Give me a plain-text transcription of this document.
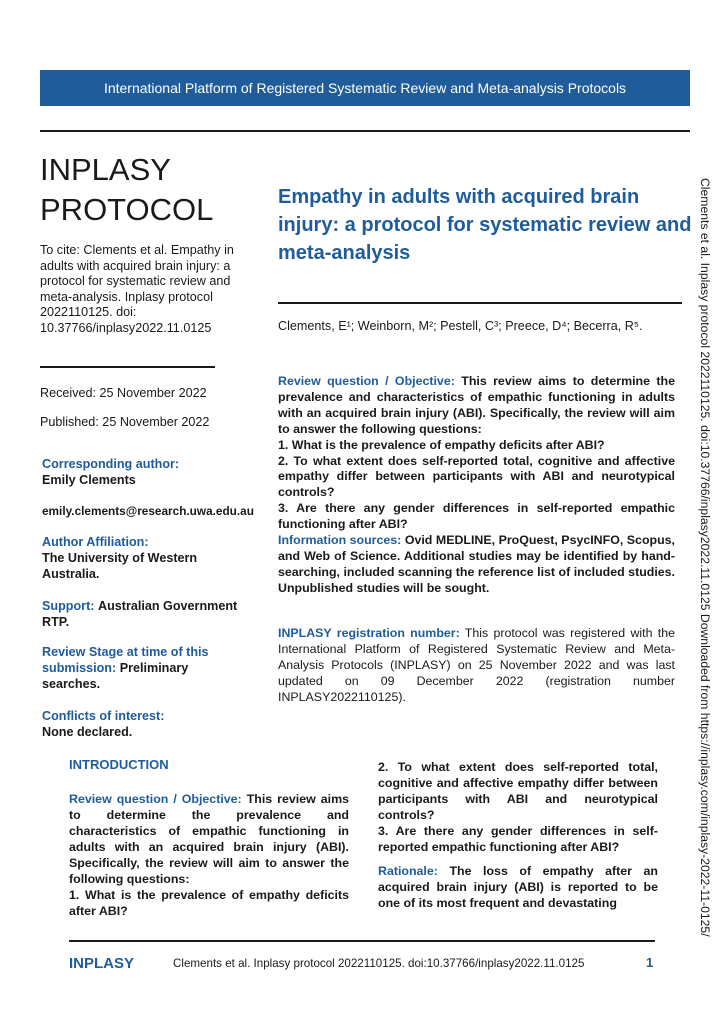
International Platform of Registered Systematic Review and Meta-analysis Protocols
INPLASY
PROTOCOL
To cite: Clements et al. Empathy in adults with acquired brain injury: a protocol for systematic review and meta-analysis. Inplasy protocol 2022110125. doi: 10.37766/inplasy2022.11.0125
Received: 25 November 2022
Published: 25 November 2022
Corresponding author:
Emily Clements
emily.clements@research.uwa.edu.au
Author Affiliation:
The University of Western Australia.
Support: Australian Government RTP.
Review Stage at time of this submission: Preliminary searches.
Conflicts of interest:
None declared.
Empathy in adults with acquired brain injury: a protocol for systematic review and meta-analysis
Clements, E¹; Weinborn, M²; Pestell, C³; Preece, D⁴; Becerra, R⁵.
Review question / Objective: This review aims to determine the prevalence and characteristics of empathic functioning in adults with an acquired brain injury (ABI). Specifically, the review will aim to answer the following questions:
1. What is the prevalence of empathy deficits after ABI?
2. To what extent does self-reported total, cognitive and affective empathy differ between participants with ABI and neurotypical controls?
3. Are there any gender differences in self-reported empathic functioning after ABI?
Information sources: Ovid MEDLINE, ProQuest, PsycINFO, Scopus, and Web of Science. Additional studies may be identified by hand-searching, included scanning the reference list of included studies. Unpublished studies will be sought.
INPLASY registration number: This protocol was registered with the International Platform of Registered Systematic Review and Meta-Analysis Protocols (INPLASY) on 25 November 2022 and was last updated on 09 December 2022 (registration number INPLASY2022110125).
INTRODUCTION
Review question / Objective: This review aims to determine the prevalence and characteristics of empathic functioning in adults with an acquired brain injury (ABI). Specifically, the review will aim to answer the following questions:
1. What is the prevalence of empathy deficits after ABI?
2. To what extent does self-reported total, cognitive and affective empathy differ between participants with ABI and neurotypical controls?
3. Are there any gender differences in self-reported empathic functioning after ABI?
Rationale: The loss of empathy after an acquired brain injury (ABI) is reported to be one of its most frequent and devastating	Clements et al. Inplasy protocol 2022110125. doi:10.37766/inplasy2022.11.0125 Downloaded from https://inplasy.com/inplasy-2022-11-0125/
INPLASY	Clements et al. Inplasy protocol 2022110125. doi:10.37766/inplasy2022.11.0125	1
